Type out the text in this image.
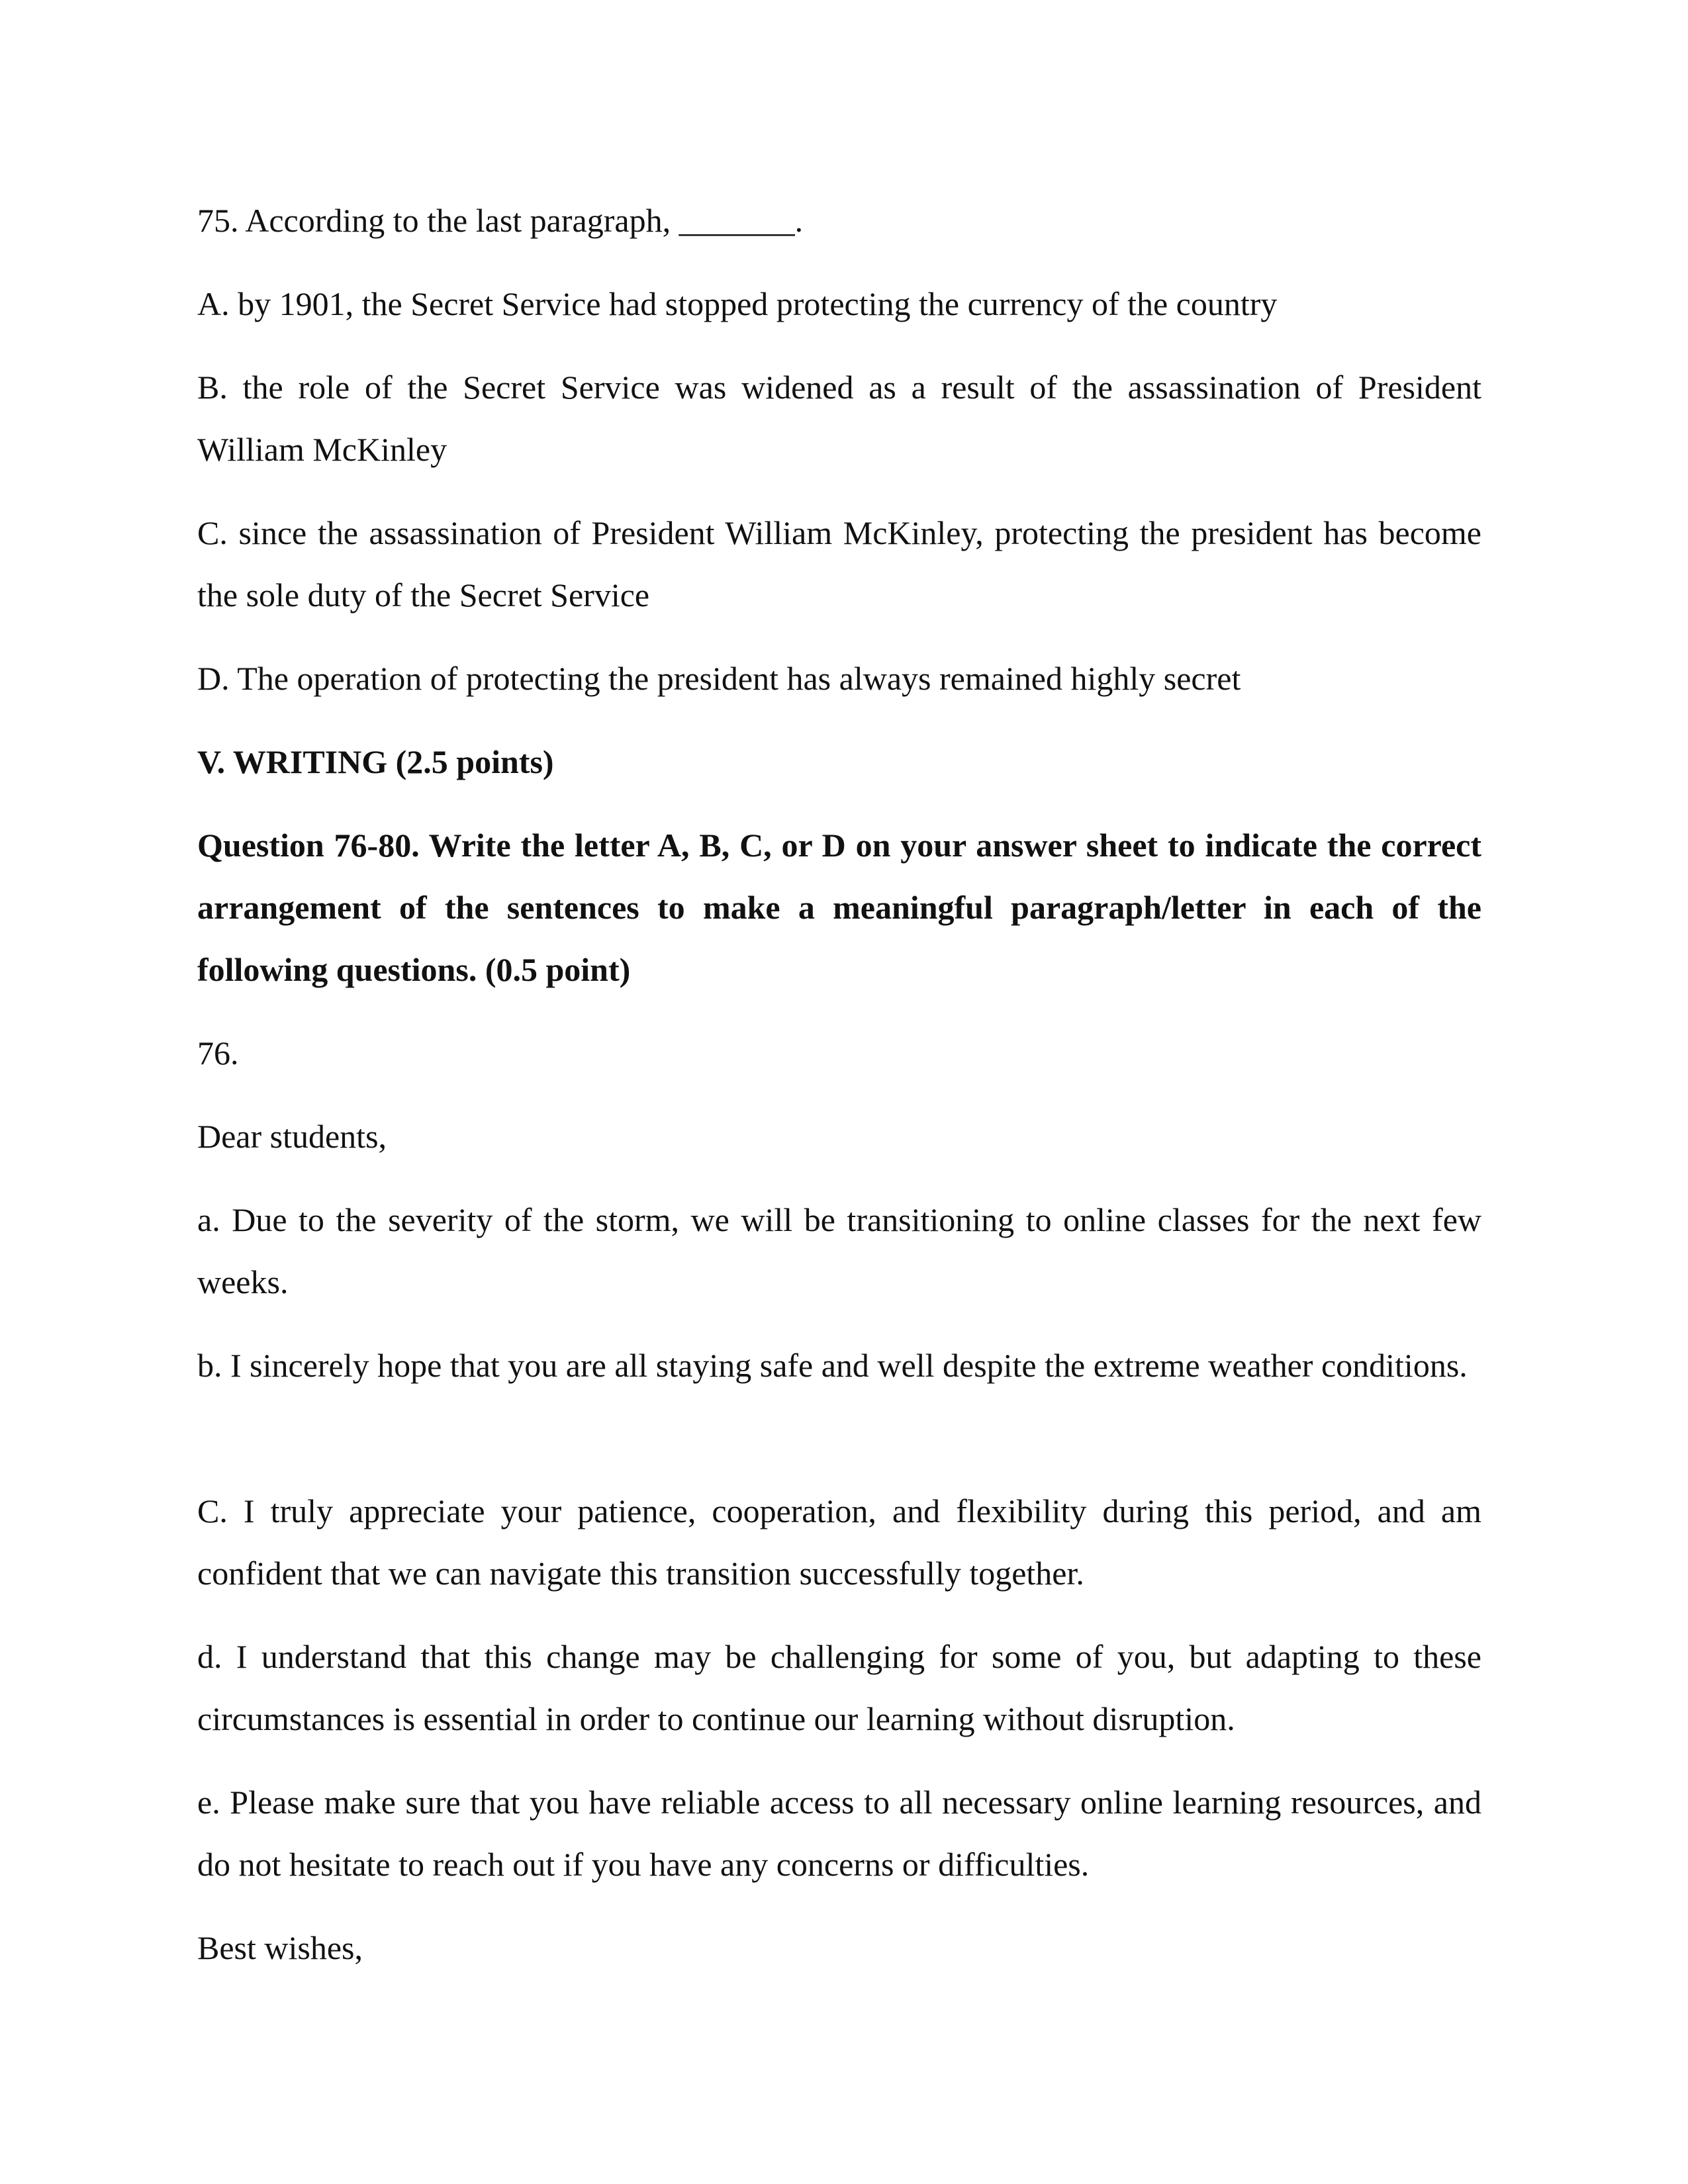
75. According to the last paragraph, _______.

A. by 1901, the Secret Service had stopped protecting the currency of the country

B. the role of the Secret Service was widened as a result of the assassination of President William McKinley

C. since the assassination of President William McKinley, protecting the president has become the sole duty of the Secret Service

D. The operation of protecting the president has always remained highly secret

V. WRITING (2.5 points)

Question 76-80. Write the letter A, B, C, or D on your answer sheet to indicate the correct arrangement of the sentences to make a meaningful paragraph/letter in each of the following questions. (0.5 point)

76.

Dear students,

a. Due to the severity of the storm, we will be transitioning to online classes for the next few weeks.

b. I sincerely hope that you are all staying safe and well despite the extreme weather conditions.

C. I truly appreciate your patience, cooperation, and flexibility during this period, and am confident that we can navigate this transition successfully together.

d. I understand that this change may be challenging for some of you, but adapting to these circumstances is essential in order to continue our learning without disruption.

e. Please make sure that you have reliable access to all necessary online learning resources, and do not hesitate to reach out if you have any concerns or difficulties.

Best wishes,
